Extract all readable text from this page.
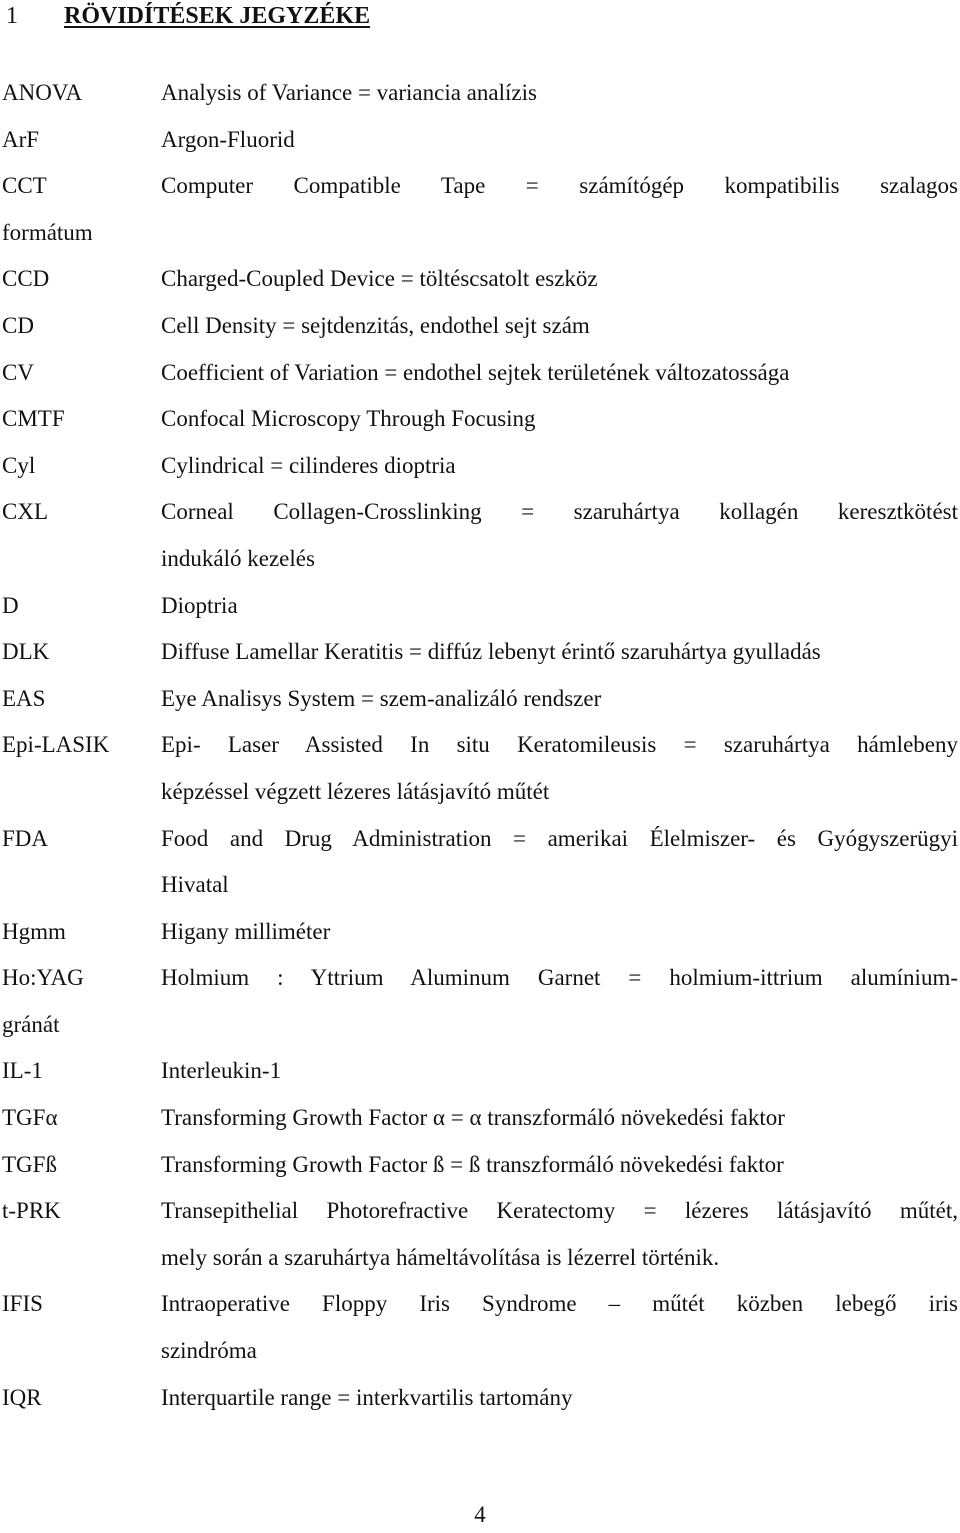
1 RÖVIDÍTÉSEK JEGYZÉKE
ANOVA	Analysis of Variance = variancia analízis
ArF	Argon-Fluorid
CCT	Computer Compatible Tape = számítógép kompatibilis szalagos
formátum
CCD	Charged-Coupled Device = töltéscsatolt eszköz
CD	Cell Density = sejtdenzitás, endothel sejt szám
CV	Coefficient of Variation = endothel sejtek területének változatossága
CMTF	Confocal Microscopy Through Focusing
Cyl	Cylindrical = cilinderes dioptria
CXL	Corneal Collagen-Crosslinking = szaruhártya kollagén keresztkötést
indukáló kezelés
D	Dioptria
DLK	Diffuse Lamellar Keratitis = diffúz lebenyt érintő szaruhártya gyulladás
EAS	Eye Analisys System = szem-analizáló rendszer
Epi-LASIK Epi- Laser Assisted In situ Keratomileusis = szaruhártya hámlebeny
képzéssel végzett lézeres látásjavító műtét
FDA	Food and Drug Administration = amerikai Élelmiszer- és Gyógyszerügyi
Hivatal
Hgmm	Higany milliméter
Ho:YAG	Holmium : Yttrium Aluminum Garnet = holmium-ittrium alumínium-
gránát
IL-1	Interleukin-1
TGFα	Transforming Growth Factor α = α transzformáló növekedési faktor
TGFß	Transforming Growth Factor ß = ß transzformáló növekedési faktor
t-PRK	Transepithelial Photorefractive Keratectomy = lézeres látásjavító műtét,
mely során a szaruhártya hámeltávolítása is lézerrel történik.
IFIS	Intraoperative Floppy Iris Syndrome – műtét közben lebegő iris
szindróma
IQR	Interquartile range = interkvartilis tartomány
4
